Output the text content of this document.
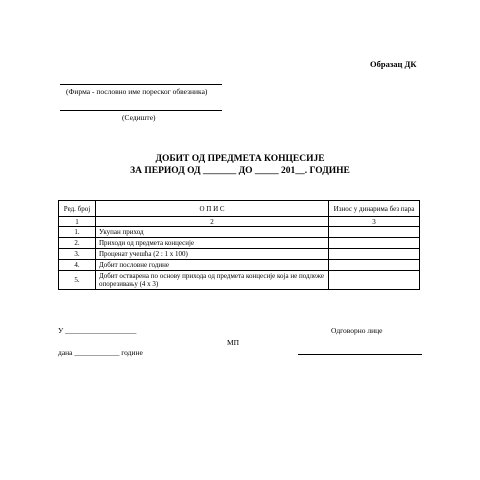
Образац ДК
(Фирма - пословно име пореског обвезника)
(Седиште)
ДОБИТ ОД ПРЕДМЕТА КОНЦЕСИЈЕ
ЗА ПЕРИОД ОД _______ ДО _____ 201__. ГОДИНЕ
Ред. број	О П И С	Износ у динарима без пара
1	2	3
1.	Укупан приход	
2.	Приходи од предмета концесије	
3.	Проценат учешћа (2 : 1 х 100)	
4.	Добит пословне године	
5.	Добит остварена по основу прихода од предмета концесије која не подлеже опорезивању (4 х 3)	
У ___________________	Одговорно лице
МП
дана ____________ године
